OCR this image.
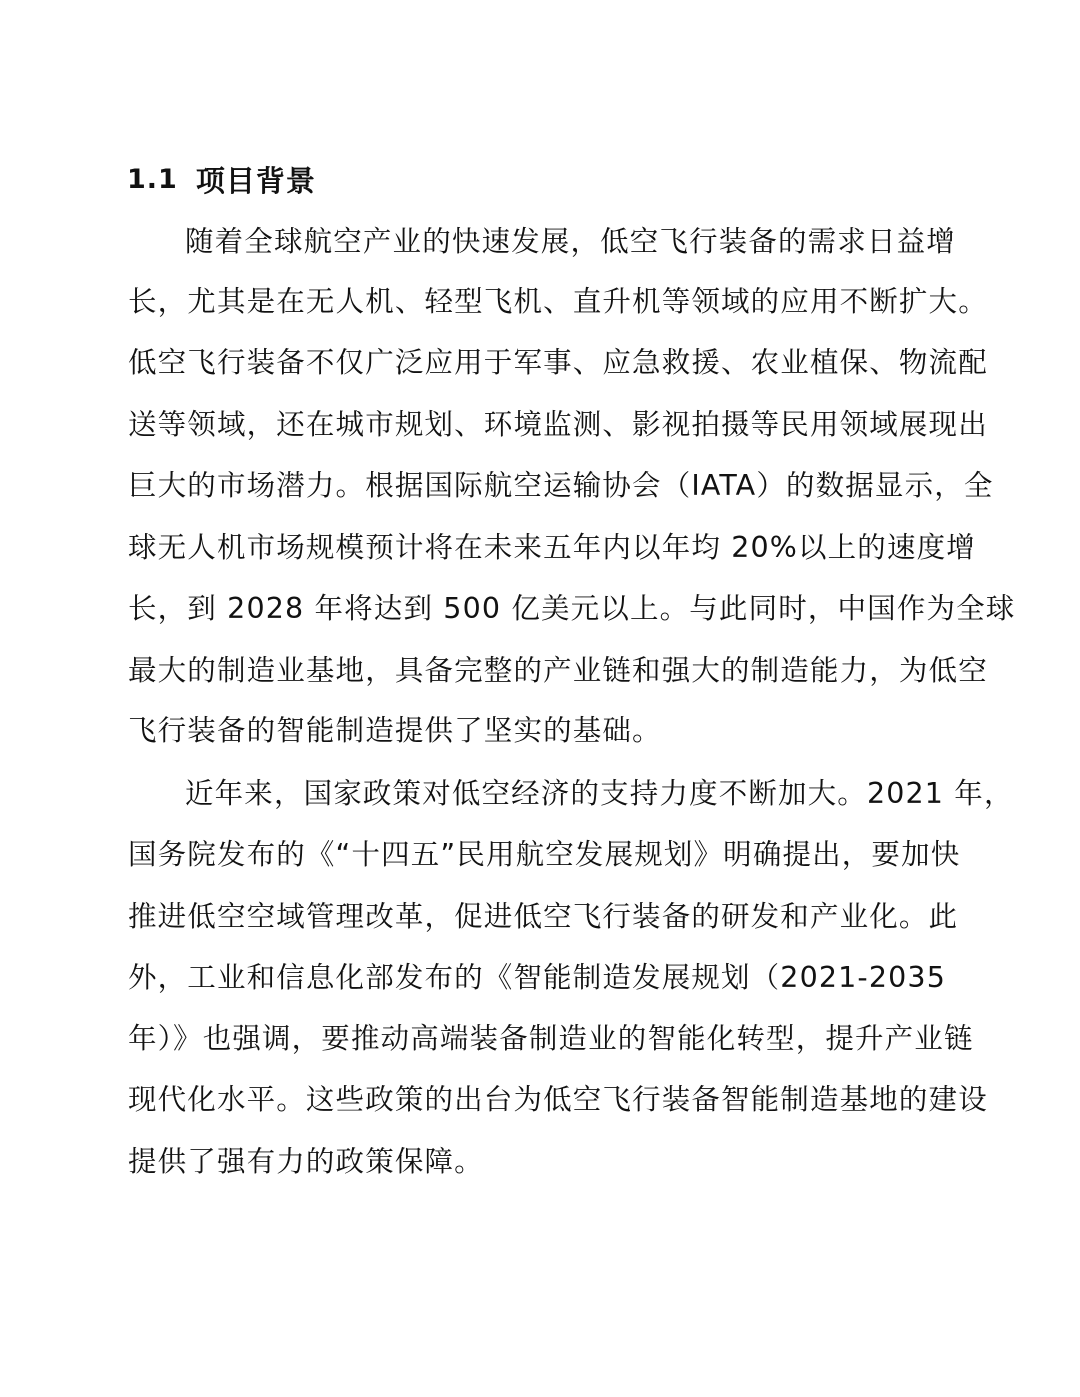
1.1 项目背景
随着全球航空产业的快速发展，低空飞行装备的需求日益增
长，尤其是在无人机、轻型飞机、直升机等领域的应用不断扩大。
低空飞行装备不仅广泛应用于军事、应急救援、农业植保、物流配
送等领域，还在城市规划、环境监测、影视拍摄等民用领域展现出
巨大的市场潜力。根据国际航空运输协会（IATA）的数据显示，全
球无人机市场规模预计将在未来五年内以年均 20%以上的速度增
长，到 2028 年将达到 500 亿美元以上。与此同时，中国作为全球
最大的制造业基地，具备完整的产业链和强大的制造能力，为低空
飞行装备的智能制造提供了坚实的基础。
近年来，国家政策对低空经济的支持力度不断加大。2021 年，
国务院发布的《“十四五”民用航空发展规划》明确提出，要加快
推进低空空域管理改革，促进低空飞行装备的研发和产业化。此
外，工业和信息化部发布的《智能制造发展规划（2021-2035
年）》也强调，要推动高端装备制造业的智能化转型，提升产业链
现代化水平。这些政策的出台为低空飞行装备智能制造基地的建设
提供了强有力的政策保障。
